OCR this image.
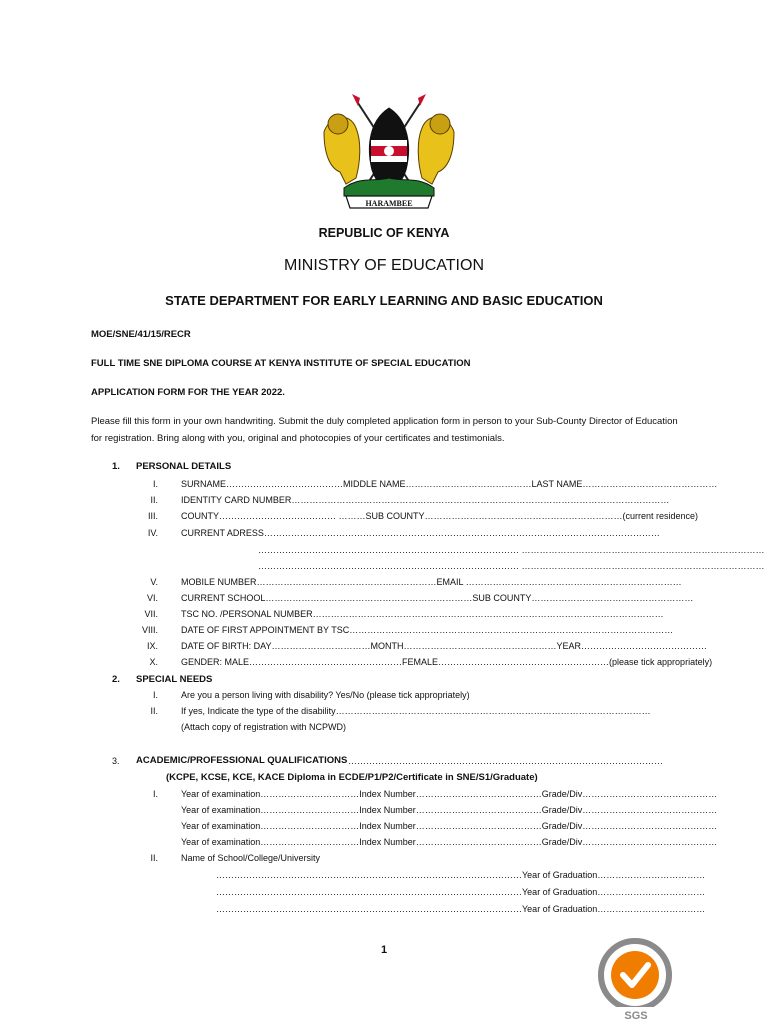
HARAMBEE
REPUBLIC OF KENYA
MINISTRY OF EDUCATION
STATE DEPARTMENT FOR EARLY LEARNING AND BASIC EDUCATION
MOE/SNE/41/15/RECR
FULL TIME SNE DIPLOMA COURSE AT KENYA INSTITUTE OF SPECIAL EDUCATION
APPLICATION FORM FOR THE YEAR 2022.
Please fill this form in your own handwriting. Submit the duly completed application form in person to your Sub-County Director of Education for registration. Bring along with you, original and photocopies of your certificates and testimonials.
1. PERSONAL DETAILS
2. SPECIAL NEEDS
3. ACADEMIC/PROFESSIONAL QUALIFICATIONS ……………………………………………………………………………………………
(KCPE, KCSE, KCE, KACE Diploma in ECDE/P1/P2/Certificate in SNE/S1/Graduate)
1
SGS
I.	SURNAME…………………………………MIDDLE NAME……………………………………LAST NAME………………………………………
II.	IDENTITY CARD NUMBER………………………………………………………………………………………………………………
III.	COUNTY………………………………… ………SUB COUNTY…………………………………………………………(current residence)
IV.	CURRENT ADRESS……………………………………………………………………………………………………………………
…………………………………………………………………………… ………………………………………………………………………
…………………………………………………………………………… ………………………………………………………………………
V.	MOBILE NUMBER……………………………………………………EMAIL ………………………………………………………………
VI.	CURRENT SCHOOL……………………………………………………………SUB COUNTY………………………………………………
VII.	TSC NO. /PERSONAL NUMBER………………………………………………………………………………………………………
VIII.	DATE OF FIRST APPOINTMENT BY TSC………………………………………………………………………………………………
IX.	DATE OF BIRTH: DAY……………………………MONTH……………………………………………YEAR……………………………………
X.	GENDER: MALE……………………………………………FEMALE…………………………………………………(please tick appropriately)
I.	Are you a person living with disability? Yes/No (please tick appropriately)
II.	If yes, Indicate the type of the disability……………………………………………………………………………………………
(Attach copy of registration with NCPWD)
I.	Year of examination……………………………Index Number……………………………………Grade/Div………………………………………
Year of examination……………………………Index Number……………………………………Grade/Div………………………………………
Year of examination……………………………Index Number……………………………………Grade/Div………………………………………
Year of examination……………………………Index Number……………………………………Grade/Div………………………………………
II.	Name of School/College/University
…………………………………………………………………………………………Year of Graduation………………………………
…………………………………………………………………………………………Year of Graduation………………………………
…………………………………………………………………………………………Year of Graduation………………………………
